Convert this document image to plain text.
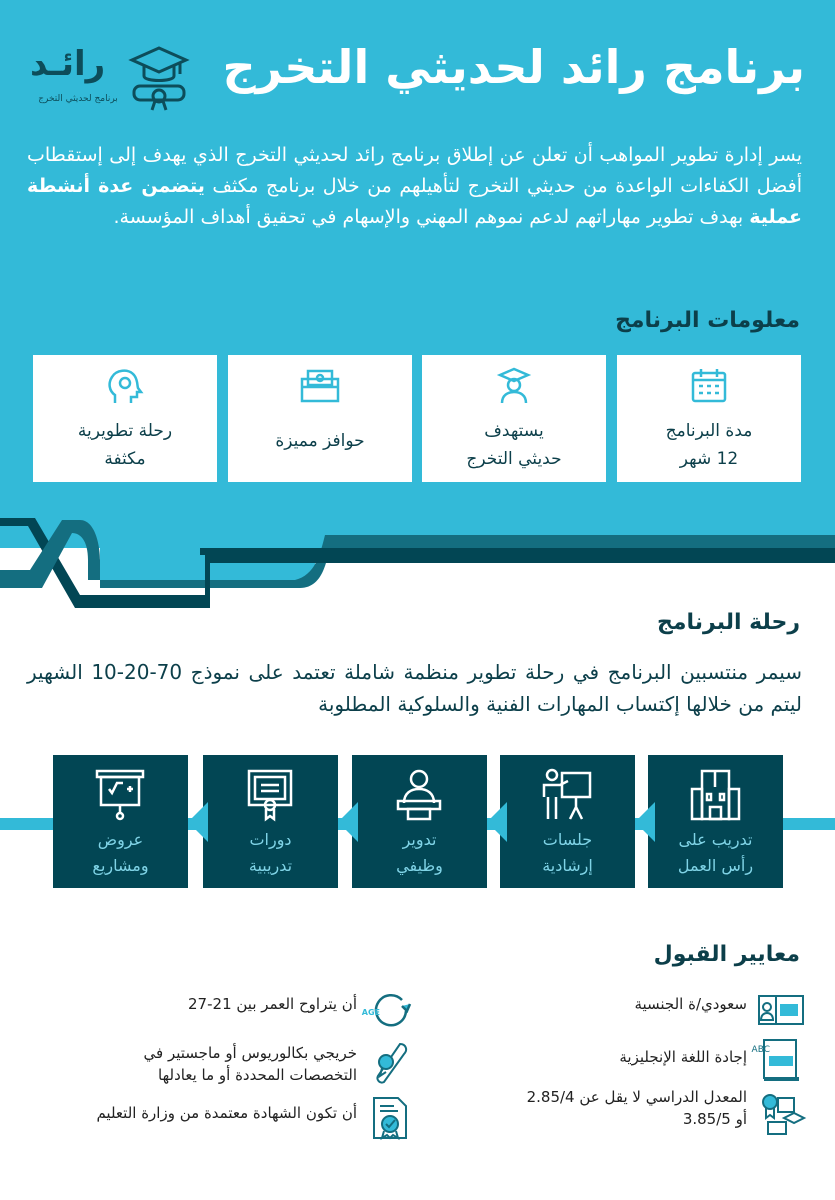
رائـد
برنامج لحديثي التخرج
برنامج رائد لحديثي التخرج
يسر إدارة تطوير المواهب أن تعلن عن إطلاق برنامج رائد لحديثي التخرج الذي يهدف إلى إستقطاب أفضل الكفاءات الواعدة من حديثي التخرج لتأهيلهم من خلال برنامج مكثف يتضمن عدة أنشطة عملية بهدف تطوير مهاراتهم لدعم نموهم المهني والإسهام في تحقيق أهداف المؤسسة.
معلومات البرنامج
مدة البرنامج
12 شهر
يستهدف
حديثي التخرج
حوافز مميزة
رحلة تطويرية
مكثفة
رحلة البرنامج
سيمر منتسبين البرنامج في رحلة تطوير منظمة شاملة تعتمد على نموذج 70-20-10 الشهير ليتم من خلالها إكتساب المهارات الفنية والسلوكية المطلوبة
تدريب على
رأس العمل
جلسات
إرشادية
تدوير
وظيفي
دورات
تدريبية
عروض
ومشاريع
معايير القبول
سعودي/ة الجنسية
ABC
إجادة اللغة الإنجليزية
المعدل الدراسي لا يقل عن 2.85/4
أو 3.85/5
AGE
أن يتراوح العمر بين 21-27
خريجي بكالوريوس أو ماجستير في
التخصصات المحددة أو ما يعادلها
أن تكون الشهادة معتمدة من وزارة التعليم
